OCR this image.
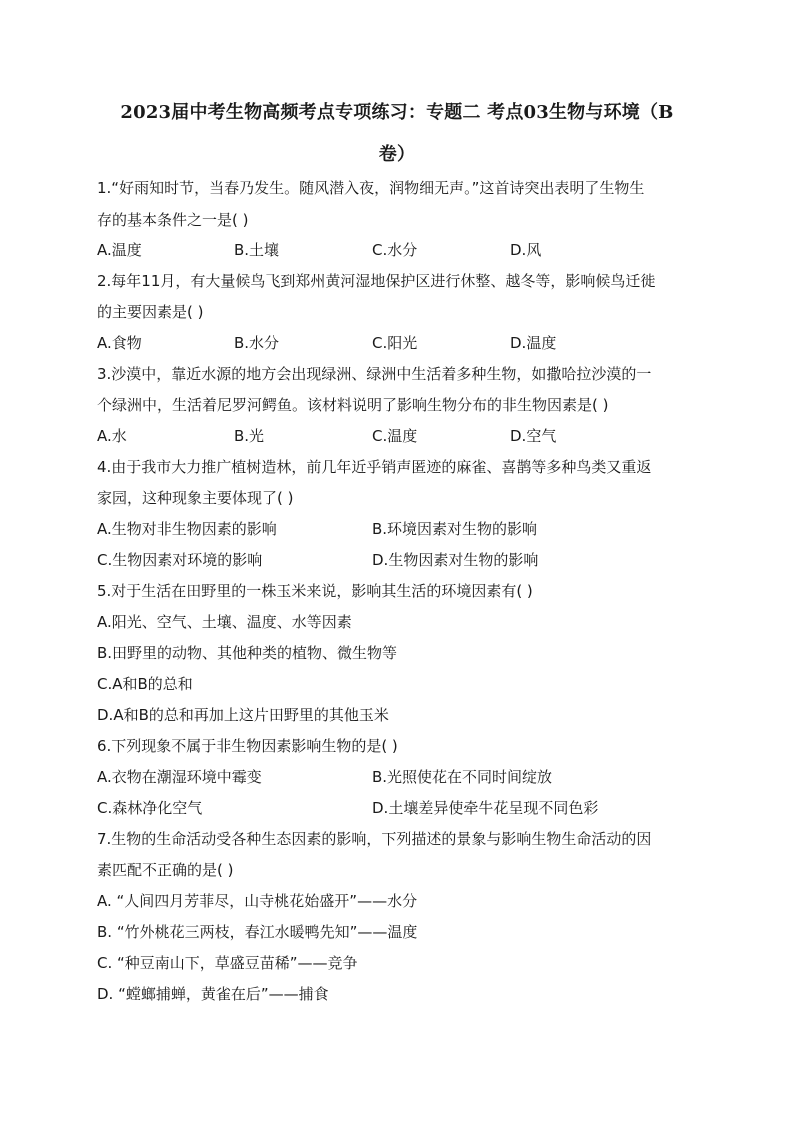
2023届中考生物高频考点专项练习：专题二 考点03生物与环境（B
卷）
1.“好雨知时节，当春乃发生。随风潜入夜，润物细无声。”这首诗突出表明了生物生
存的基本条件之一是( )
A.温度	B.土壤	C.水分	D.风
2.每年11月，有大量候鸟飞到郑州黄河湿地保护区进行休整、越冬等，影响候鸟迁徙
的主要因素是( )
A.食物	B.水分	C.阳光	D.温度
3.沙漠中，靠近水源的地方会出现绿洲、绿洲中生活着多种生物，如撒哈拉沙漠的一
个绿洲中，生活着尼罗河鳄鱼。该材料说明了影响生物分布的非生物因素是( )
A.水	B.光	C.温度	D.空气
4.由于我市大力推广植树造林，前几年近乎销声匿迹的麻雀、喜鹊等多种鸟类又重返
家园，这种现象主要体现了( )
A.生物对非生物因素的影响	B.环境因素对生物的影响
C.生物因素对环境的影响	D.生物因素对生物的影响
5.对于生活在田野里的一株玉米来说，影响其生活的环境因素有( )
A.阳光、空气、土壤、温度、水等因素
B.田野里的动物、其他种类的植物、微生物等
C.A和B的总和
D.A和B的总和再加上这片田野里的其他玉米
6.下列现象不属于非生物因素影响生物的是( )
A.衣物在潮湿环境中霉变	B.光照使花在不同时间绽放
C.森林净化空气	D.土壤差异使牵牛花呈现不同色彩
7.生物的生命活动受各种生态因素的影响，下列描述的景象与影响生物生命活动的因
素匹配不正确的是( )
A. “人间四月芳菲尽，山寺桃花始盛开”——水分
B. “竹外桃花三两枝，春江水暖鸭先知”——温度
C. “种豆南山下，草盛豆苗稀”——竞争
D. “螳螂捕蝉，黄雀在后”——捕食
